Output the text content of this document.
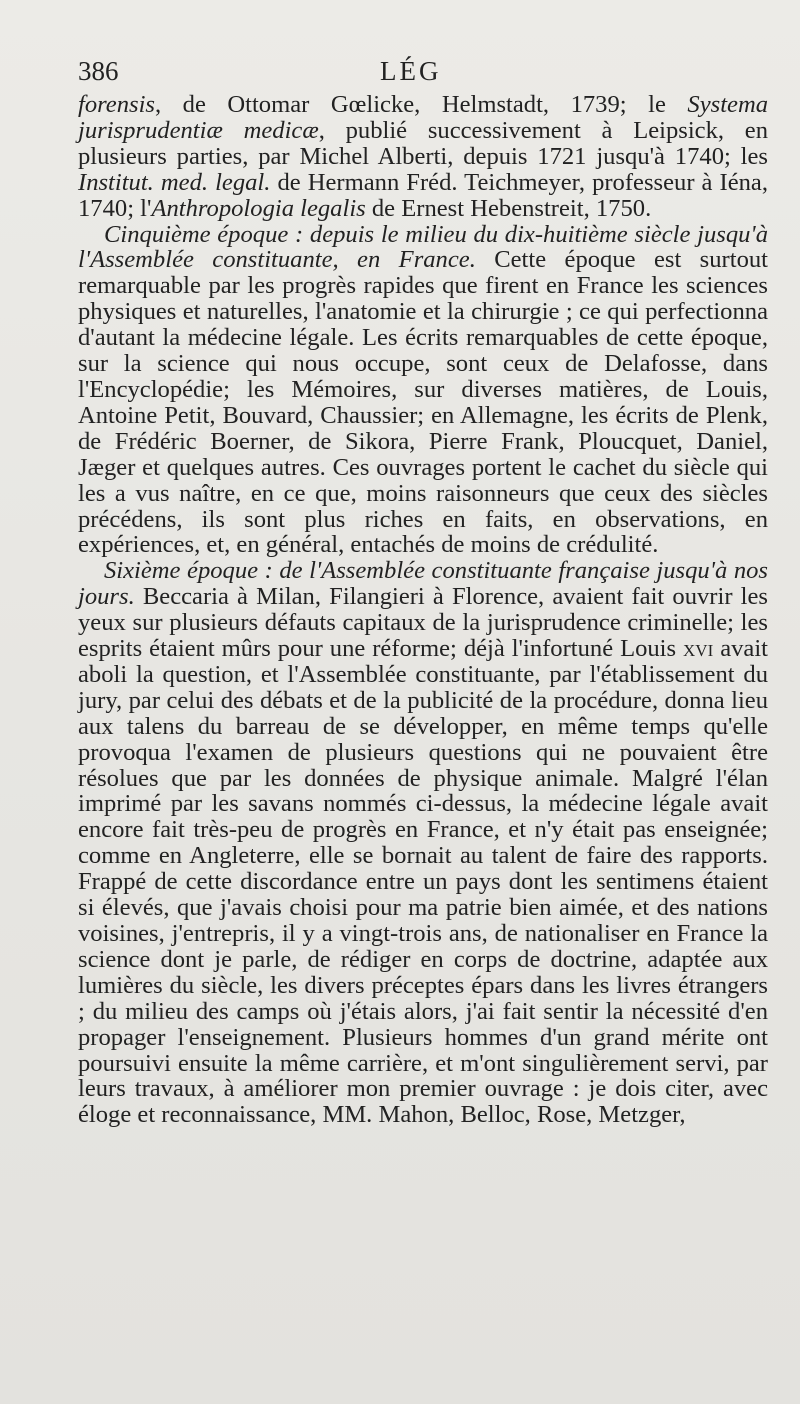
386	LÉG

forensis, de Ottomar Gœlicke, Helmstadt, 1739; le Systema jurisprudentiæ medicæ, publié successivement à Leipsick, en plusieurs parties, par Michel Alberti, depuis 1721 jusqu'à 1740; les Institut. med. legal. de Hermann Fréd. Teichmeyer, professeur à Iéna, 1740; l'Anthropologia legalis de Ernest Hebenstreit, 1750.

Cinquième époque : depuis le milieu du dix-huitième siècle jusqu'à l'Assemblée constituante, en France. Cette époque est surtout remarquable par les progrès rapides que firent en France les sciences physiques et naturelles, l'anatomie et la chirurgie ; ce qui perfectionna d'autant la médecine légale. Les écrits remarquables de cette époque, sur la science qui nous occupe, sont ceux de Delafosse, dans l'Encyclopédie; les Mémoires, sur diverses matières, de Louis, Antoine Petit, Bouvard, Chaussier; en Allemagne, les écrits de Plenk, de Frédéric Boerner, de Sikora, Pierre Frank, Ploucquet, Daniel, Jæger et quelques autres. Ces ouvrages portent le cachet du siècle qui les a vus naître, en ce que, moins raisonneurs que ceux des siècles précédens, ils sont plus riches en faits, en observations, en expériences, et, en général, entachés de moins de crédulité.

Sixième époque : de l'Assemblée constituante française jusqu'à nos jours. Beccaria à Milan, Filangieri à Florence, avaient fait ouvrir les yeux sur plusieurs défauts capitaux de la jurisprudence criminelle; les esprits étaient mûrs pour une réforme; déjà l'infortuné Louis xvi avait aboli la question, et l'Assemblée constituante, par l'établissement du jury, par celui des débats et de la publicité de la procédure, donna lieu aux talens du barreau de se développer, en même temps qu'elle provoqua l'examen de plusieurs questions qui ne pouvaient être résolues que par les données de physique animale. Malgré l'élan imprimé par les savans nommés ci-dessus, la médecine légale avait encore fait très-peu de progrès en France, et n'y était pas enseignée; comme en Angleterre, elle se bornait au talent de faire des rapports. Frappé de cette discordance entre un pays dont les sentimens étaient si élevés, que j'avais choisi pour ma patrie bien aimée, et des nations voisines, j'entrepris, il y a vingt-trois ans, de nationaliser en France la science dont je parle, de rédiger en corps de doctrine, adaptée aux lumières du siècle, les divers préceptes épars dans les livres étrangers ; du milieu des camps où j'étais alors, j'ai fait sentir la nécessité d'en propager l'enseignement. Plusieurs hommes d'un grand mérite ont poursuivi ensuite la même carrière, et m'ont singulièrement servi, par leurs travaux, à améliorer mon premier ouvrage : je dois citer, avec éloge et reconnaissance, MM. Mahon, Belloc, Rose, Metzger,
